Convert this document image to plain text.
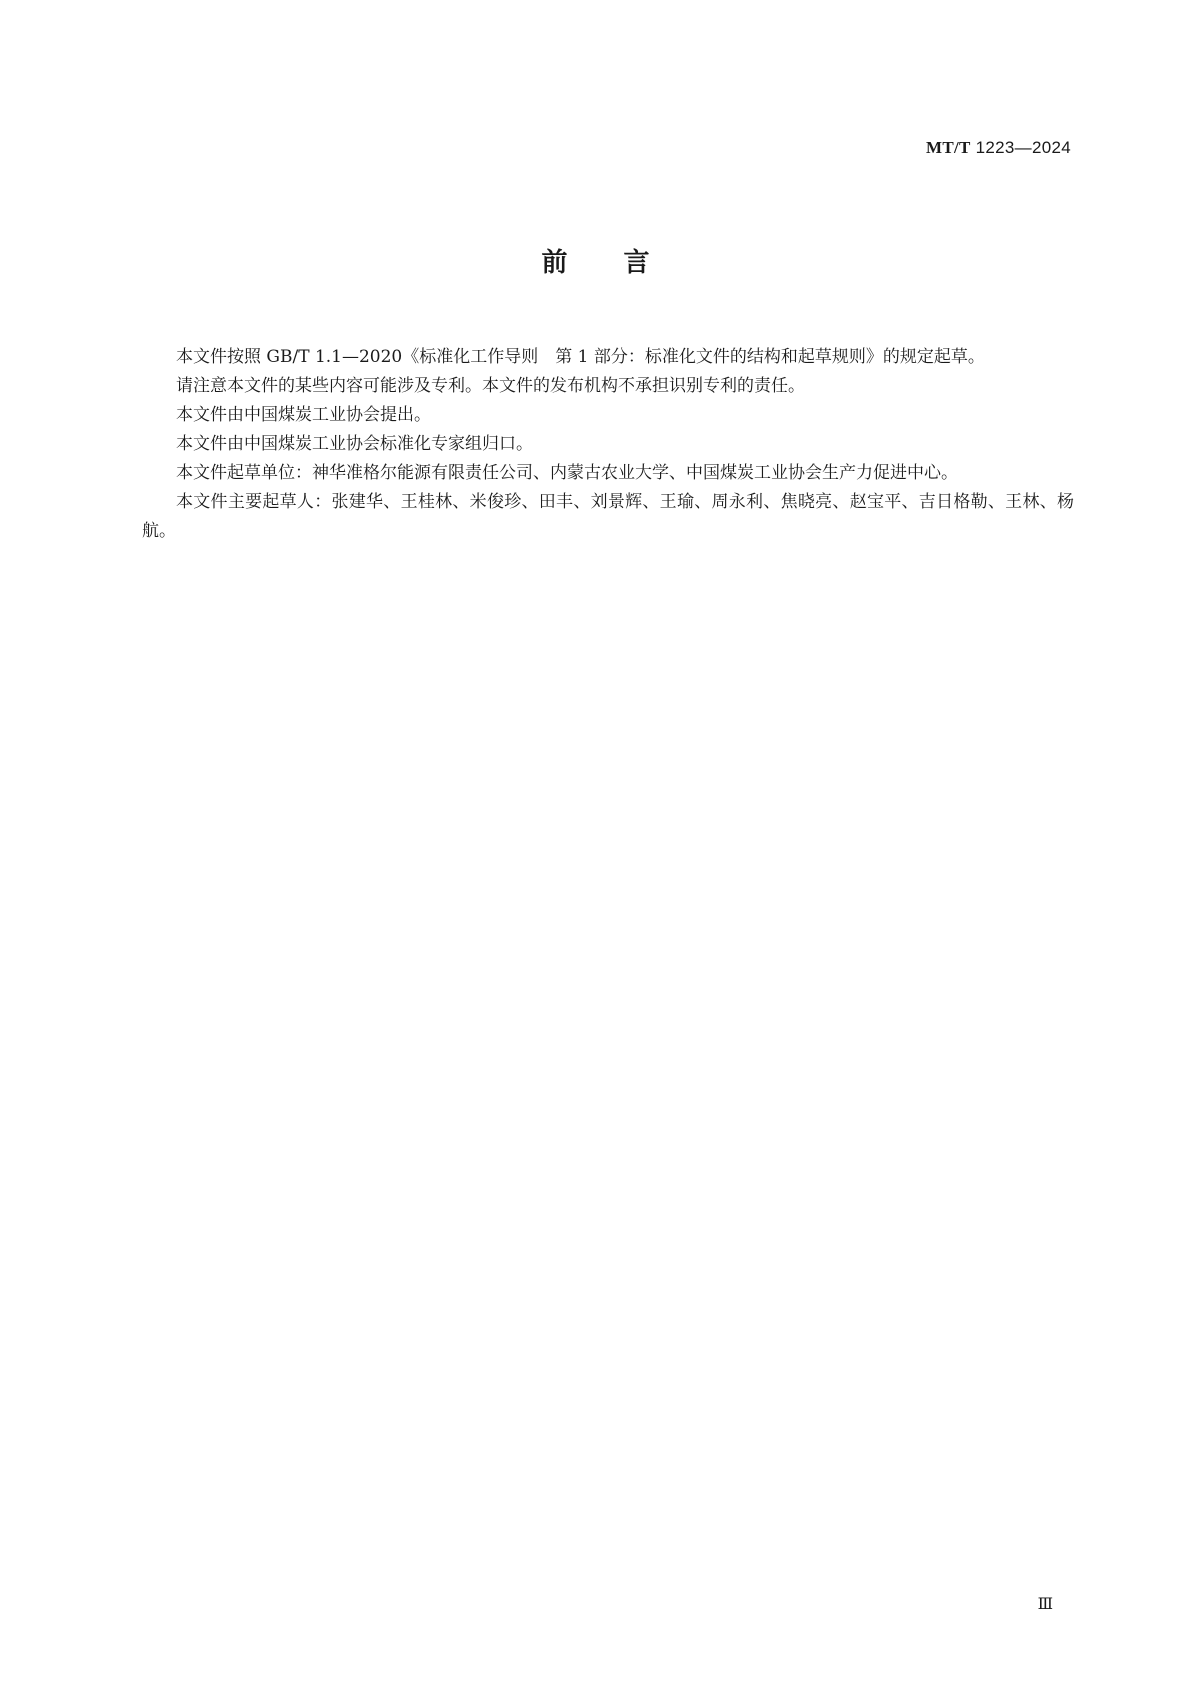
MT/T 1223—2024
前言

本文件按照 GB/T 1.1—2020《标准化工作导则　第 1 部分：标准化文件的结构和起草规则》的规定起草。

请注意本文件的某些内容可能涉及专利。本文件的发布机构不承担识别专利的责任。

本文件由中国煤炭工业协会提出。

本文件由中国煤炭工业协会标准化专家组归口。

本文件起草单位：神华准格尔能源有限责任公司、内蒙古农业大学、中国煤炭工业协会生产力促进中心。

本文件主要起草人：张建华、王桂林、米俊珍、田丰、刘景辉、王瑜、周永利、焦晓亮、赵宝平、吉日格勒、王林、杨航。

Ⅲ
